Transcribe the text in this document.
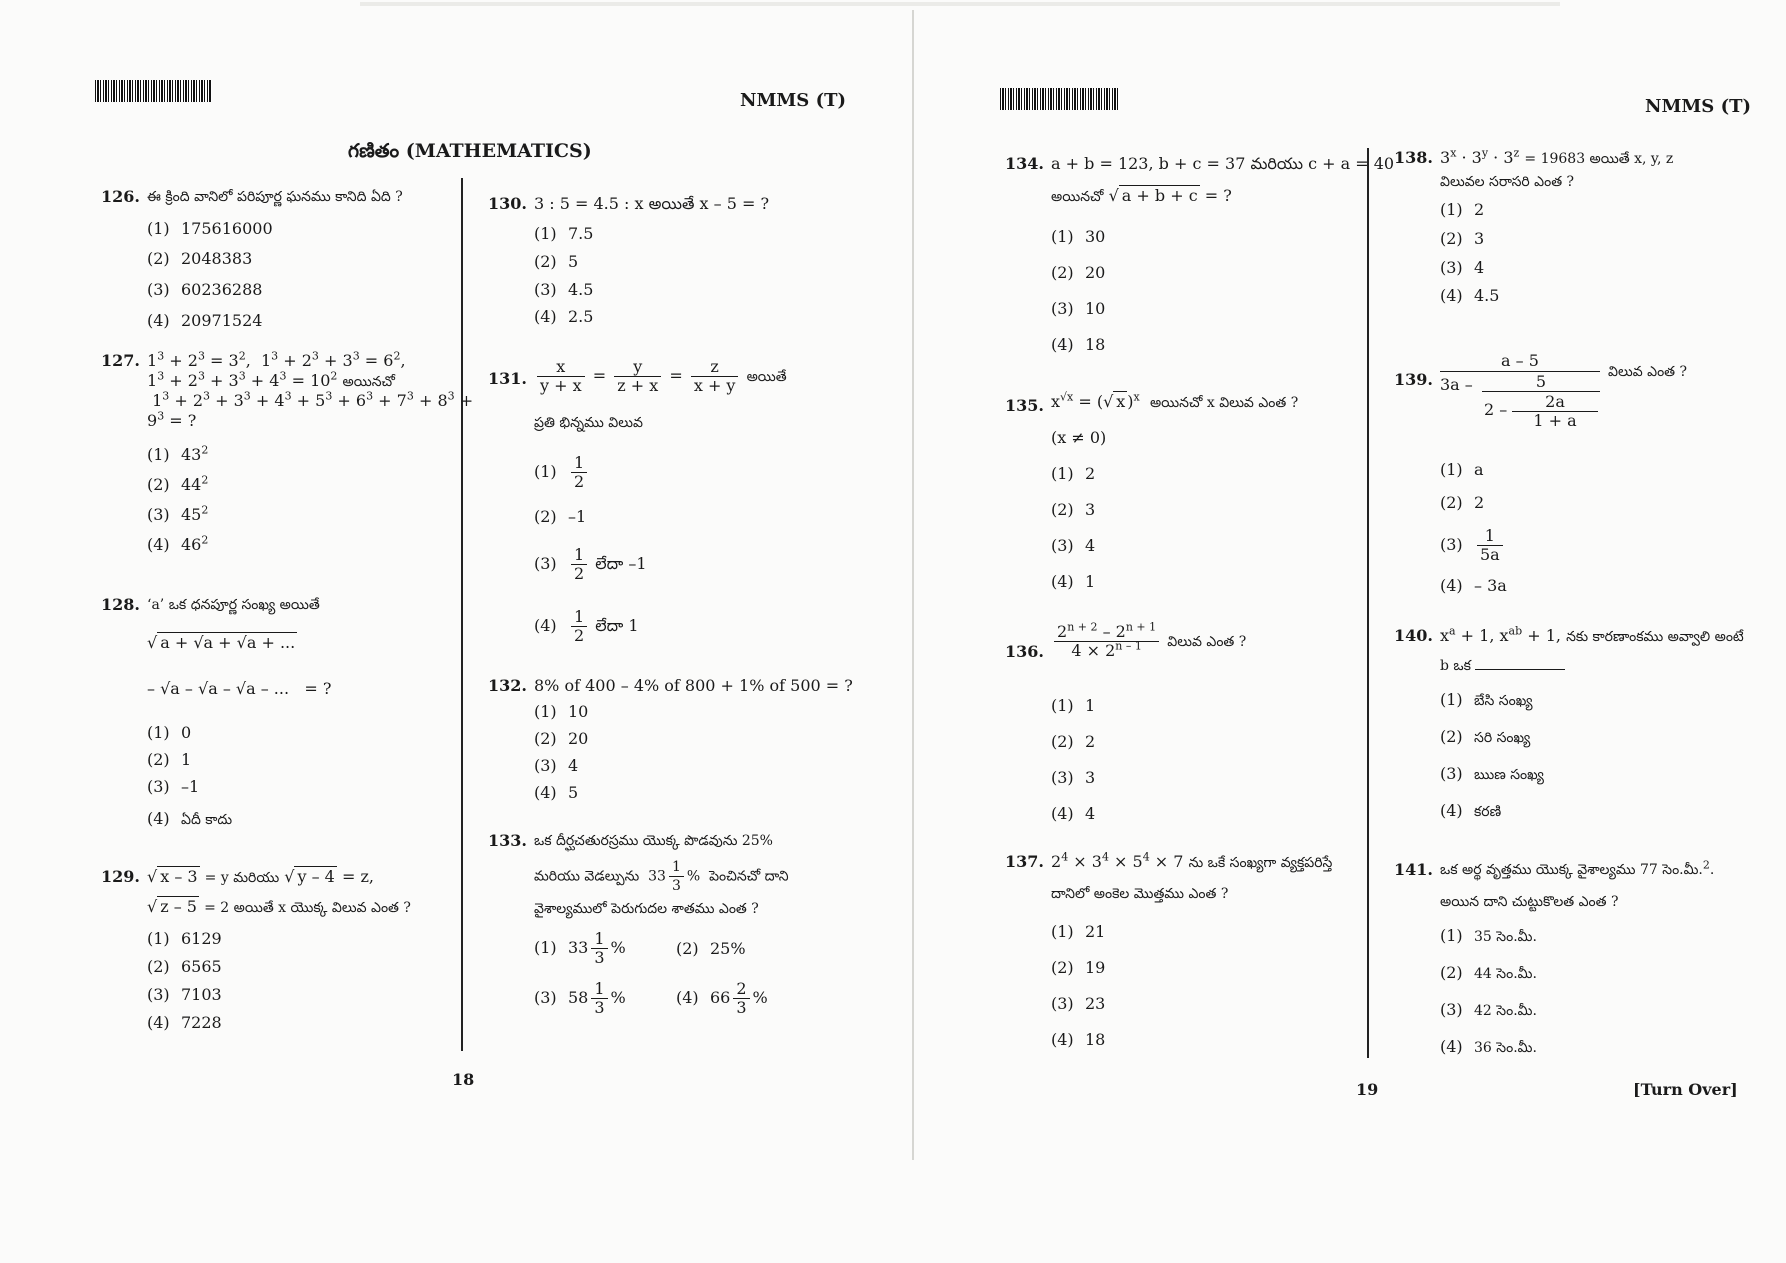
NMMS (T)
గణితం (MATHEMATICS)
18
126. ఈ క్రింది వానిలో పరిపూర్ణ ఘనము కానిది ఏది ?
(1) 175616000
(2) 2048383
(3) 60236288
(4) 20971524
127. $1^3 + 2^3 = 3^2$,  $1^3 + 2^3 + 3^3 = 6^2$,
$1^3 + 2^3 + 3^3 + 4^3 = 10^2$ అయినచో
$1^3 + 2^3 + 3^3 + 4^3 + 5^3 + 6^3 + 7^3 + 8^3$ +
$9^3$ = ?
(1) $43^2$
(2) $44^2$
(3) $45^2$
(4) $46^2$
128. ‘a’ ఒక ధనపూర్ణ సంఖ్య అయితే
√ a + √a + √a + ...
– √a – √a – √a – ... = ?
(1) 0
(2) 1
(3) –1
(4) ఏదీ కాదు
129. √ x – 3 = y మరియు √ y – 4 = z,
√ z – 5 = 2 అయితే x యొక్క విలువ ఎంత ?
(1) 6129
(2) 6565
(3) 7103
(4) 7228
130. 3 : 5 = 4.5 : x అయితే x – 5 = ?
(1) 7.5
(2) 5
(3) 4.5
(4) 2.5
131. $\frac{x}{y + x} = \frac{y}{z + x} = \frac{z}{x + y}$ అయితే
ప్రతి భిన్నము విలువ
$(1) \frac{1}{2}$
(2) –1
$(3) \frac{1}{2}$ లేదా –1
$(4) \frac{1}{2}$ లేదా 1
132. 8% of 400 – 4% of 800 + 1% of 500 = ?
(1) 10
(2) 20
(3) 4
(4) 5
133. ఒక దీర్ఘచతురస్రము యొక్క పొడవును 25%
మరియు వెడల్పును  $33 \frac{1}{3}$ %  పెంచినచో దాని
వైశాల్యములో పెరుగుదల శాతము ఎంత ?
(1) $33 \frac{1}{3}$ %	(2) 25%
(3) $58 \frac{1}{3}$ %	(4) $66 \frac{2}{3}$ %
NMMS (T)
19	[Turn Over]
134. a + b = 123, b + c = 37 మరియు c + a = 40
అయినచో √ a + b + c = ?
(1) 30
(2) 20
(3) 10
(4) 18
135. $x^{√x}$ = (√ x )$^x$ అయినచో x విలువ ఎంత ?
(x ≠ 0)
(1) 2
(2) 3
(3) 4
(4) 1
136. $\frac{2^{n + 2} - 2^{n + 1}}{4 \times 2^{n - 1}}$ విలువ ఎంత ?
(1) 1
(2) 2
(3) 3
(4) 4
137. $2^4 \times 3^4 \times 5^4 \times 7$ ను ఒకే సంఖ్యగా వ్యక్తపరిస్తే
దానిలో అంకెల మొత్తము ఎంత ?
(1) 21
(2) 19
(3) 23
(4) 18
138. $3^x \cdot 3^y \cdot 3^z = 19683$ అయితే x, y, z
విలువల సరాసరి ఎంత ?
(1) 2
(2) 3
(3) 4
(4) 4.5
139.
a – 5
3a –	5
2 –	2a
1 + a
విలువ ఎంత ?
(1) a
(2) 2
$(3) \frac{1}{5a}$
(4) – 3a
140. $x^a + 1$, $x^{ab} + 1$, నకు కారణాంకము అవ్వాలి అంటే
b ఒక
(1) బేసి సంఖ్య
(2) సరి సంఖ్య
(3) ఋణ సంఖ్య
(4) కరణి
141. ఒక అర్థ వృత్తము యొక్క వైశాల్యము 77 సెం.మీ.$^2$.
అయిన దాని చుట్టుకొలత ఎంత ?
(1) 35 సెం.మీ.
(2) 44 సెం.మీ.
(3) 42 సెం.మీ.
(4) 36 సెం.మీ.
